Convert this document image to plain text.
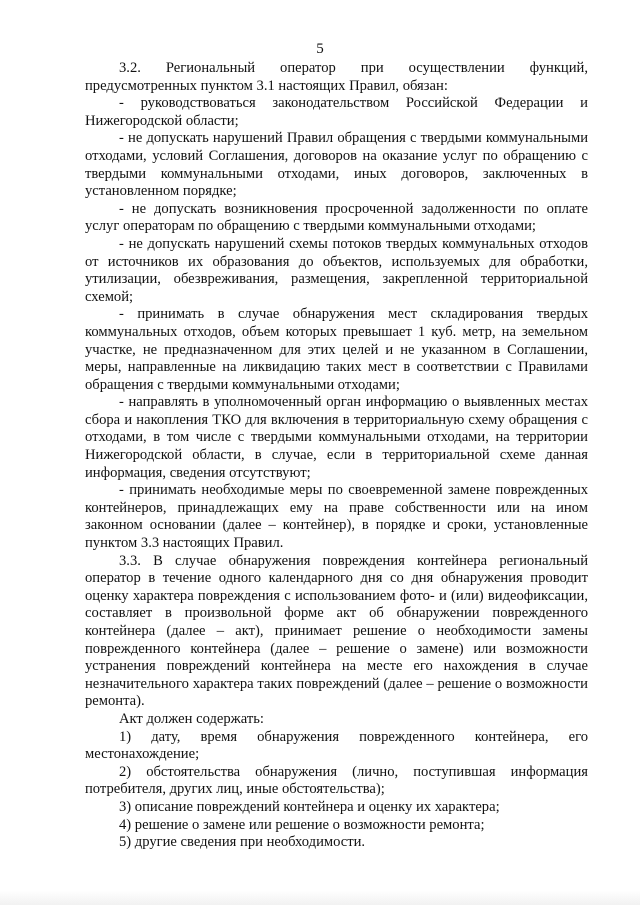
5

3.2. Региональный оператор при осуществлении функций, предусмотренных пунктом 3.1 настоящих Правил, обязан:

- руководствоваться законодательством Российской Федерации и Нижегородской области;

- не допускать нарушений Правил обращения с твердыми коммунальными отходами, условий Соглашения, договоров на оказание услуг по обращению с твердыми коммунальными отходами, иных договоров, заключенных в установленном порядке;

- не допускать возникновения просроченной задолженности по оплате услуг операторам по обращению с твердыми коммунальными отходами;

- не допускать нарушений схемы потоков твердых коммунальных отходов от источников их образования до объектов, используемых для обработки, утилизации, обезвреживания, размещения, закрепленной территориальной схемой;

- принимать в случае обнаружения мест складирования твердых коммунальных отходов, объем которых превышает 1 куб. метр, на земельном участке, не предназначенном для этих целей и не указанном в Соглашении, меры, направленные на ликвидацию таких мест в соответствии с Правилами обращения с твердыми коммунальными отходами;

- направлять в уполномоченный орган информацию о выявленных местах сбора и накопления ТКО для включения в территориальную схему обращения с отходами, в том числе с твердыми коммунальными отходами, на территории Нижегородской области, в случае, если в территориальной схеме данная информация, сведения отсутствуют;

- принимать необходимые меры по своевременной замене поврежденных контейнеров, принадлежащих ему на праве собственности или на ином законном основании (далее – контейнер), в порядке и сроки, установленные пунктом 3.3 настоящих Правил.

3.3. В случае обнаружения повреждения контейнера региональный оператор в течение одного календарного дня со дня обнаружения проводит оценку характера повреждения с использованием фото- и (или) видеофиксации, составляет в произвольной форме акт об обнаружении поврежденного контейнера (далее – акт), принимает решение о необходимости замены поврежденного контейнера (далее – решение о замене) или возможности устранения повреждений контейнера на месте его нахождения в случае незначительного характера таких повреждений (далее – решение о возможности ремонта).

Акт должен содержать:

1) дату, время обнаружения поврежденного контейнера, его местонахождение;

2) обстоятельства обнаружения (лично, поступившая информация потребителя, других лиц, иные обстоятельства);

3) описание повреждений контейнера и оценку их характера;

4) решение о замене или решение о возможности ремонта;

5) другие сведения при необходимости.
